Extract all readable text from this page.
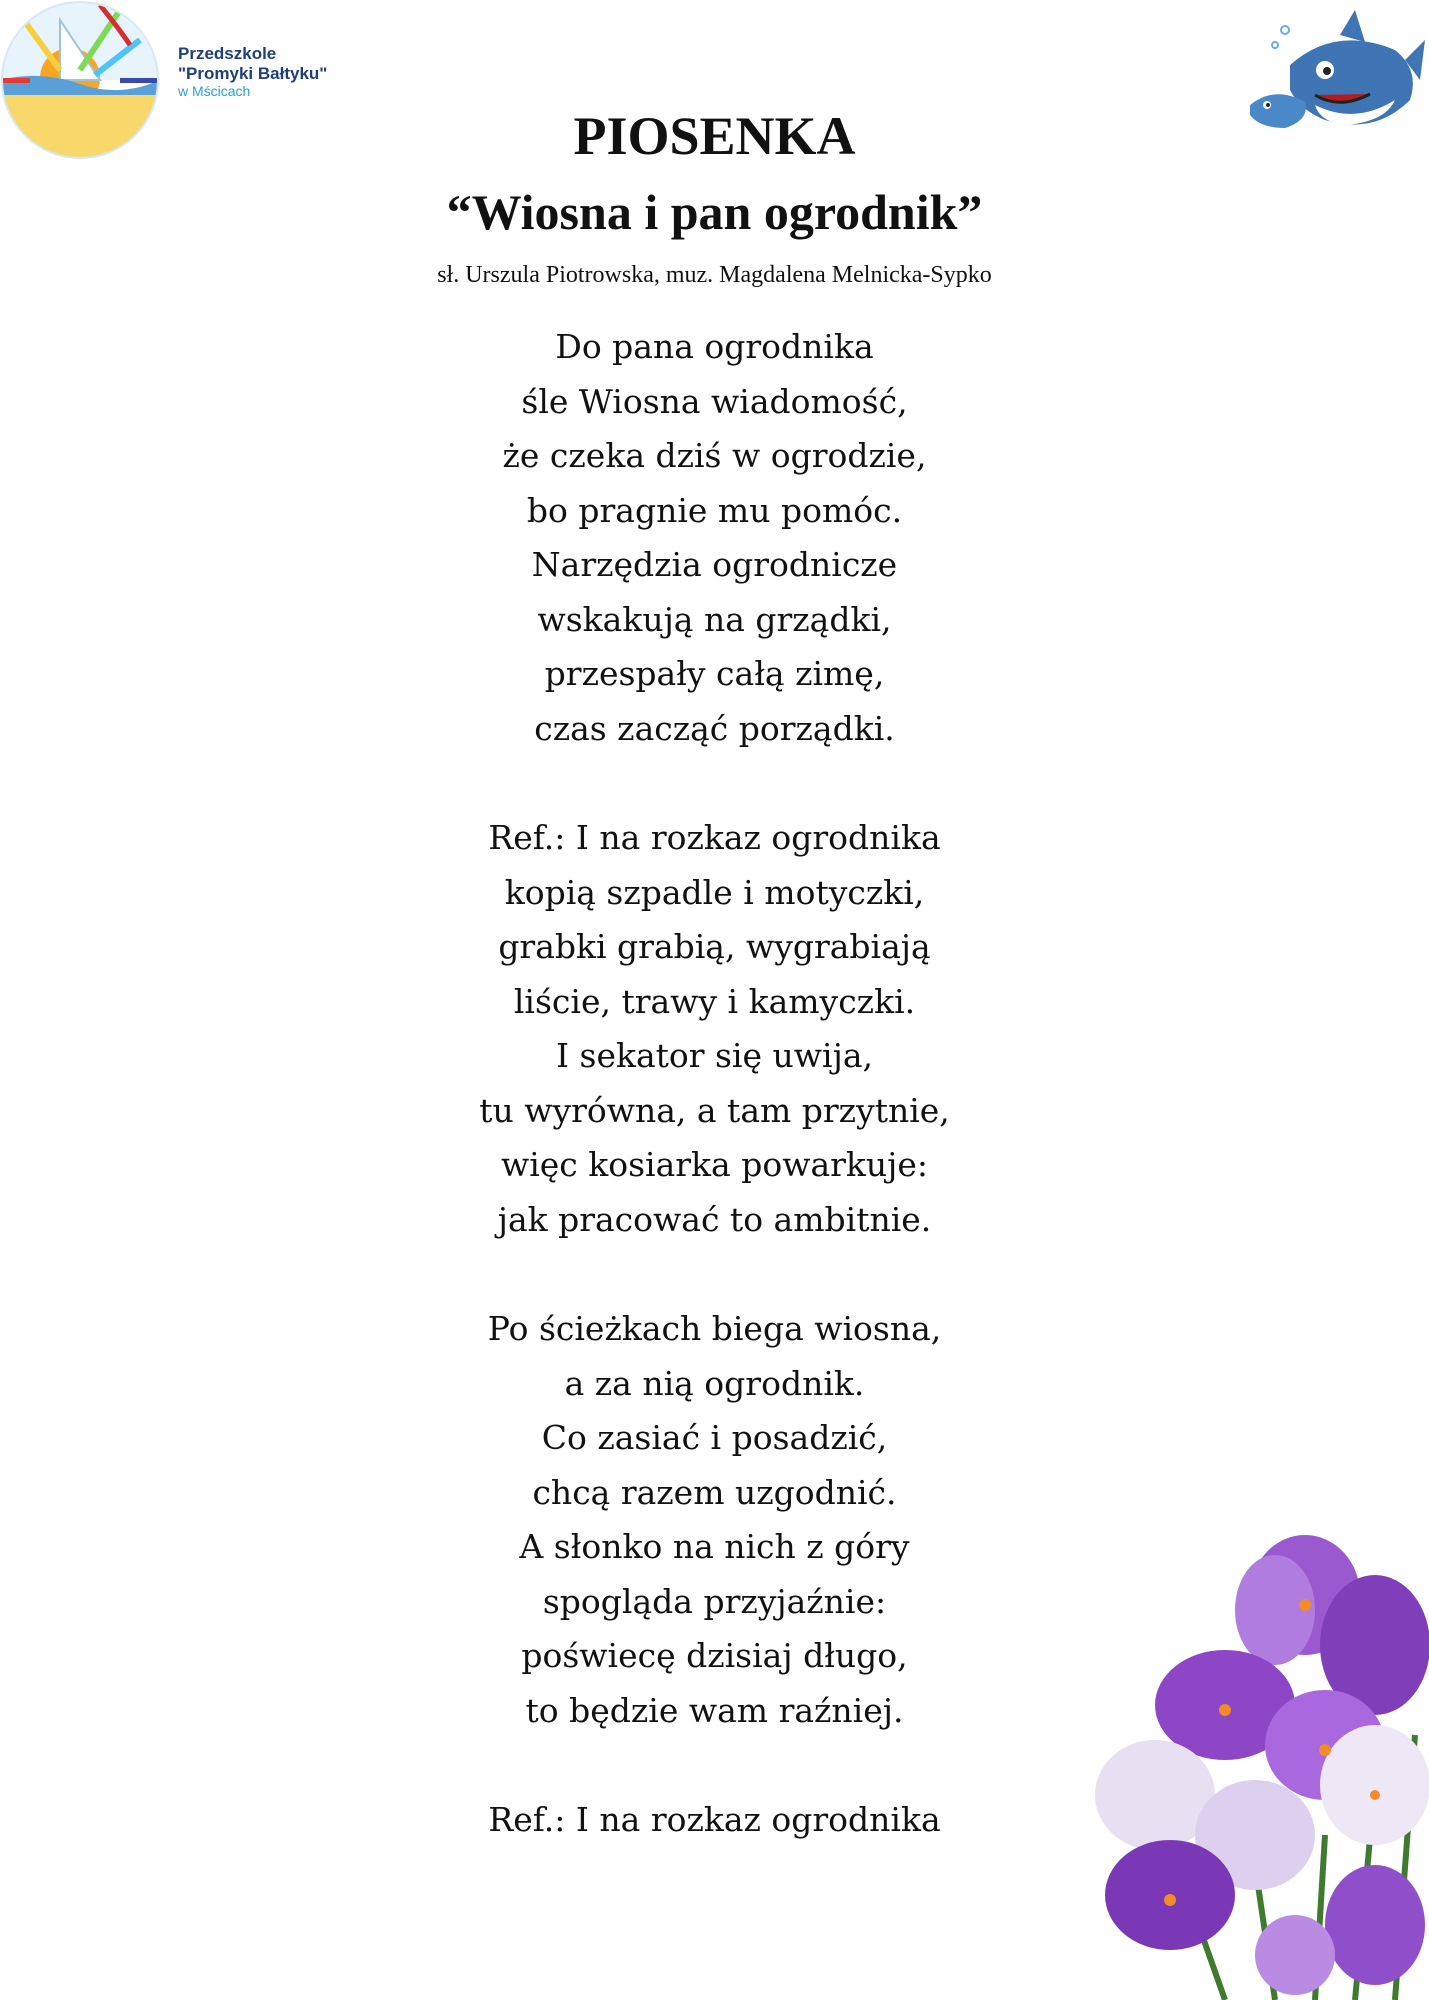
Przedszkole
"Promyki Bałtyku"
w Mścicach
PIOSENKA
“Wiosna i pan ogrodnik”
sł. Urszula Piotrowska, muz. Magdalena Melnicka-Sypko
Do pana ogrodnika
śle Wiosna wiadomość,
że czeka dziś w ogrodzie,
bo pragnie mu pomóc.
Narzędzia ogrodnicze
wskakują na grządki,
przespały całą zimę,
czas zacząć porządki.
Ref.: I na rozkaz ogrodnika
kopią szpadle i motyczki,
grabki grabią, wygrabiają
liście, trawy i kamyczki.
I sekator się uwija,
tu wyrówna, a tam przytnie,
więc kosiarka powarkuje:
jak pracować to ambitnie.
Po ścieżkach biega wiosna,
a za nią ogrodnik.
Co zasiać i posadzić,
chcą razem uzgodnić.
A słonko na nich z góry
spogląda przyjaźnie:
poświecę dzisiaj długo,
to będzie wam raźniej.
Ref.: I na rozkaz ogrodnika
